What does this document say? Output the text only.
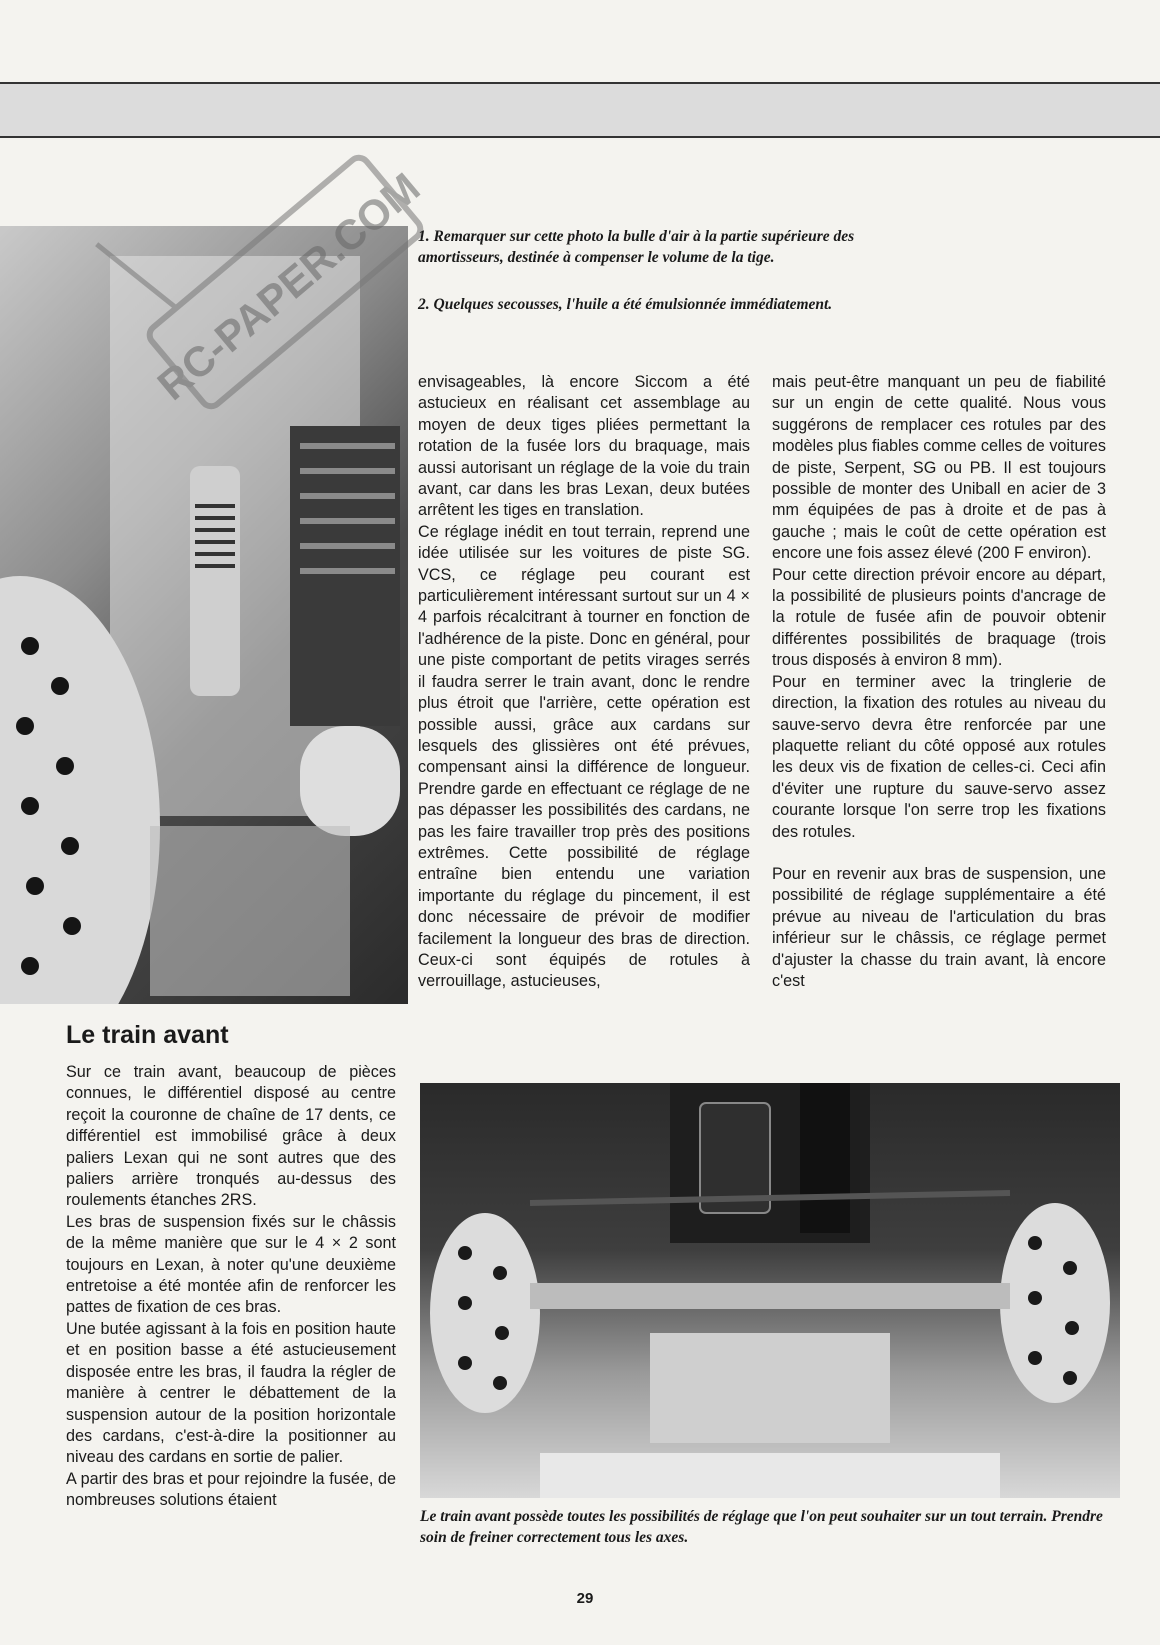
RC-PAPER.COM
1. Remarquer sur cette photo la bulle d'air à la partie supérieure des amortisseurs, destinée à compenser le volume de la tige.
2. Quelques secousses, l'huile a été émulsionnée immédiatement.

envisageables, là encore Siccom a été astucieux en réalisant cet assemblage au moyen de deux tiges pliées permettant la rotation de la fusée lors du braquage, mais aussi autorisant un réglage de la voie du train avant, car dans les bras Lexan, deux butées arrêtent les tiges en translation.

Ce réglage inédit en tout terrain, reprend une idée utilisée sur les voitures de piste SG. VCS, ce réglage peu courant est particulièrement intéressant surtout sur un 4 × 4 parfois récalcitrant à tourner en fonction de l'adhérence de la piste. Donc en général, pour une piste comportant de petits virages serrés il faudra serrer le train avant, donc le rendre plus étroit que l'arrière, cette opération est possible aussi, grâce aux cardans sur lesquels des glissières ont été prévues, compensant ainsi la différence de longueur. Prendre garde en effectuant ce réglage de ne pas dépasser les possibilités des cardans, ne pas les faire travailler trop près des positions extrêmes. Cette possibilité de réglage entraîne bien entendu une variation importante du réglage du pincement, il est donc nécessaire de prévoir de modifier facilement la longueur des bras de direction. Ceux-ci sont équipés de rotules à verrouillage, astucieuses,

mais peut-être manquant un peu de fiabilité sur un engin de cette qualité. Nous vous suggérons de remplacer ces rotules par des modèles plus fiables comme celles de voitures de piste, Serpent, SG ou PB. Il est toujours possible de monter des Uniball en acier de 3 mm équipées de pas à droite et de pas à gauche ; mais le coût de cette opération est encore une fois assez élevé (200 F environ).

Pour cette direction prévoir encore au départ, la possibilité de plusieurs points d'ancrage de la rotule de fusée afin de pouvoir obtenir différentes possibilités de braquage (trois trous disposés à environ 8 mm).

Pour en terminer avec la tringlerie de direction, la fixation des rotules au niveau du sauve-servo devra être renforcée par une plaquette reliant du côté opposé aux rotules les deux vis de fixation de celles-ci. Ceci afin d'éviter une rupture du sauve-servo assez courante lorsque l'on serre trop les fixations des rotules.

Pour en revenir aux bras de suspension, une possibilité de réglage supplémentaire a été prévue au niveau de l'articulation du bras inférieur sur le châssis, ce réglage permet d'ajuster la chasse du train avant, là encore c'est

Le train avant

Sur ce train avant, beaucoup de pièces connues, le différentiel disposé au centre reçoit la couronne de chaîne de 17 dents, ce différentiel est immobilisé grâce à deux paliers Lexan qui ne sont autres que des paliers arrière tronqués au-dessus des roulements étanches 2RS.

Les bras de suspension fixés sur le châssis de la même manière que sur le 4 × 2 sont toujours en Lexan, à noter qu'une deuxième entretoise a été montée afin de renforcer les pattes de fixation de ces bras.

Une butée agissant à la fois en position haute et en position basse a été astucieusement disposée entre les bras, il faudra la régler de manière à centrer le débattement de la suspension autour de la position horizontale des cardans, c'est-à-dire la positionner au niveau des cardans en sortie de palier.

A partir des bras et pour rejoindre la fusée, de nombreuses solutions étaient

Le train avant possède toutes les possibilités de réglage que l'on peut souhaiter sur un tout terrain. Prendre soin de freiner correctement tous les axes.
29
